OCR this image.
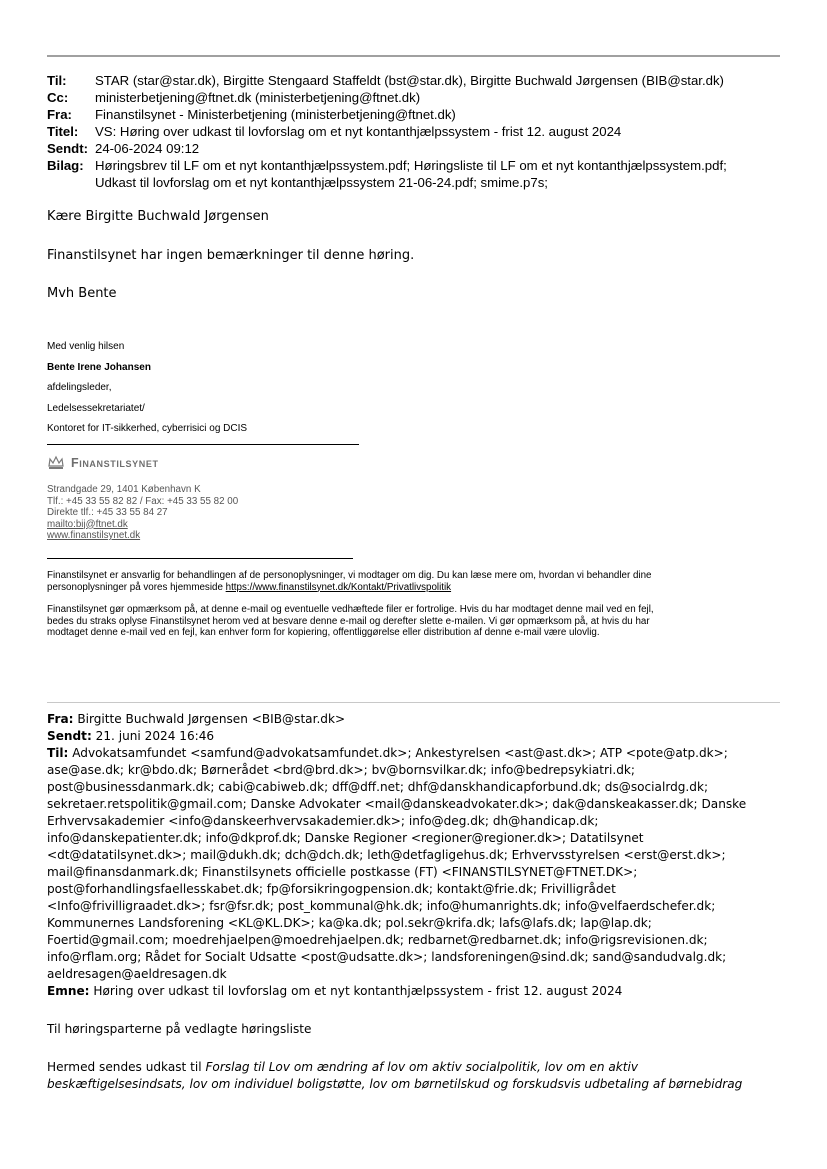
Til:	STAR (star@star.dk), Birgitte Stengaard Staffeldt (bst@star.dk), Birgitte Buchwald Jørgensen (BIB@star.dk)
Cc:	ministerbetjening@ftnet.dk (ministerbetjening@ftnet.dk)
Fra:	Finanstilsynet - Ministerbetjening (ministerbetjening@ftnet.dk)
Titel:	VS: Høring over udkast til lovforslag om et nyt kontanthjælpssystem - frist 12. august 2024
Sendt: 24-06-2024 09:12
Bilag: Høringsbrev til LF om et nyt kontanthjælpssystem.pdf; Høringsliste til LF om et nyt kontanthjælpssystem.pdf;
Udkast til lovforslag om et nyt kontanthjælpssystem 21-06-24.pdf; smime.p7s;
Kære Birgitte Buchwald Jørgensen
Finanstilsynet har ingen bemærkninger til denne høring.
Mvh Bente
Med venlig hilsen
Bente Irene Johansen
afdelingsleder,
Ledelsessekretariatet/
Kontoret for IT-sikkerhed, cyberrisici og DCIS
Finanstilsynet
Strandgade 29, 1401 København K
Tlf.: +45 33 55 82 82 / Fax: +45 33 55 82 00
Direkte tlf.: +45 33 55 84 27
mailto:bij@ftnet.dk
www.finanstilsynet.dk
Finanstilsynet er ansvarlig for behandlingen af de personoplysninger, vi modtager om dig. Du kan læse mere om, hvordan vi behandler dine
personoplysninger på vores hjemmeside https://www.finanstilsynet.dk/Kontakt/Privatlivspolitik
Finanstilsynet gør opmærksom på, at denne e-mail og eventuelle vedhæftede filer er fortrolige. Hvis du har modtaget denne mail ved en fejl,
bedes du straks oplyse Finanstilsynet herom ved at besvare denne e-mail og derefter slette e-mailen. Vi gør opmærksom på, at hvis du har
modtaget denne e-mail ved en fejl, kan enhver form for kopiering, offentliggørelse eller distribution af denne e-mail være ulovlig.
Fra: Birgitte Buchwald Jørgensen <BIB@star.dk>
Sendt: 21. juni 2024 16:46
Til: Advokatsamfundet <samfund@advokatsamfundet.dk>; Ankestyrelsen <ast@ast.dk>; ATP <pote@atp.dk>;
ase@ase.dk; kr@bdo.dk; Børnerådet <brd@brd.dk>; bv@bornsvilkar.dk; info@bedrepsykiatri.dk;
post@businessdanmark.dk; cabi@cabiweb.dk; dff@dff.net; dhf@danskhandicapforbund.dk; ds@socialrdg.dk;
sekretaer.retspolitik@gmail.com; Danske Advokater <mail@danskeadvokater.dk>; dak@danskeakasser.dk; Danske
Erhvervsakademier <info@danskeerhvervsakademier.dk>; info@deg.dk; dh@handicap.dk;
info@danskepatienter.dk; info@dkprof.dk; Danske Regioner <regioner@regioner.dk>; Datatilsynet
<dt@datatilsynet.dk>; mail@dukh.dk; dch@dch.dk; leth@detfagligehus.dk; Erhvervsstyrelsen <erst@erst.dk>;
mail@finansdanmark.dk; Finanstilsynets officielle postkasse (FT) <FINANSTILSYNET@FTNET.DK>;
post@forhandlingsfaellesskabet.dk; fp@forsikringogpension.dk; kontakt@frie.dk; Frivilligrådet
<Info@frivilligraadet.dk>; fsr@fsr.dk; post_kommunal@hk.dk; info@humanrights.dk; info@velfaerdschefer.dk;
Kommunernes Landsforening <KL@KL.DK>; ka@ka.dk; pol.sekr@krifa.dk; lafs@lafs.dk; lap@lap.dk;
Foertid@gmail.com; moedrehjaelpen@moedrehjaelpen.dk; redbarnet@redbarnet.dk; info@rigsrevisionen.dk;
info@rflam.org; Rådet for Socialt Udsatte <post@udsatte.dk>; landsforeningen@sind.dk; sand@sandudvalg.dk;
aeldresagen@aeldresagen.dk
Emne: Høring over udkast til lovforslag om et nyt kontanthjælpssystem - frist 12. august 2024
Til høringsparterne på vedlagte høringsliste
Hermed sendes udkast til Forslag til Lov om ændring af lov om aktiv socialpolitik, lov om en aktiv
beskæftigelsesindsats, lov om individuel boligstøtte, lov om børnetilskud og forskudsvis udbetaling af børnebidrag
